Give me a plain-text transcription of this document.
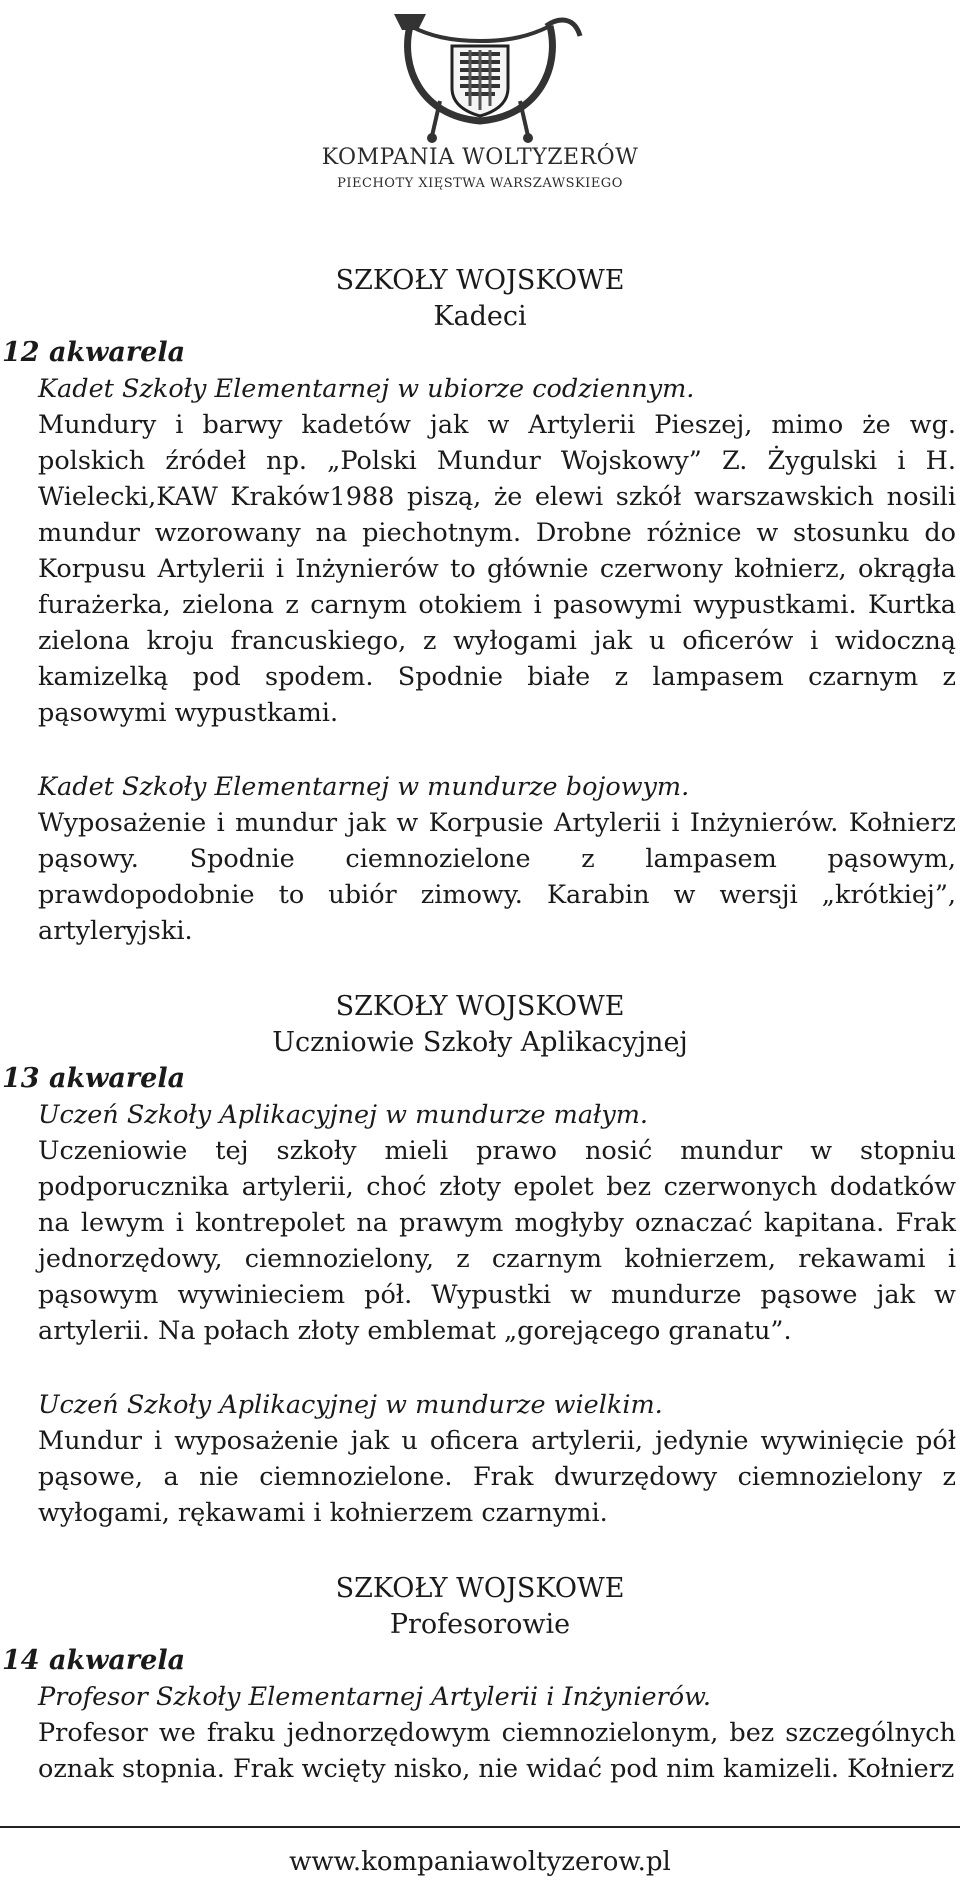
KOMPANIA WOLTYZERÓW
PIECHOTY XIĘSTWA WARSZAWSKIEGO

SZKOŁY WOJSKOWE

Kadeci

12 akwarela

Kadet Szkoły Elementarnej w ubiorze codziennym.

Mundury i barwy kadetów jak w Artylerii Pieszej, mimo że wg. polskich źródeł np. „Polski Mundur Wojskowy” Z. Żygulski i H. Wielecki,KAW Kraków1988 piszą, że elewi szkół warszawskich nosili mundur wzorowany na piechotnym. Drobne różnice w stosunku do Korpusu Artylerii i Inżynierów to głównie czerwony kołnierz, okrągła furażerka, zielona z carnym otokiem i pasowymi wypustkami. Kurtka zielona kroju francuskiego, z wyłogami jak u oficerów i widoczną kamizelką pod spodem. Spodnie białe z lampasem czarnym z pąsowymi wypustkami.

Kadet Szkoły Elementarnej w mundurze bojowym.

Wyposażenie i mundur jak w Korpusie Artylerii i Inżynierów. Kołnierz pąsowy. Spodnie ciemnozielone z lampasem pąsowym, prawdopodobnie to ubiór zimowy. Karabin w wersji „krótkiej”, artyleryjski.

SZKOŁY WOJSKOWE

Uczniowie Szkoły Aplikacyjnej

13 akwarela

Uczeń Szkoły Aplikacyjnej w mundurze małym.

Uczeniowie tej szkoły mieli prawo nosić mundur w stopniu podporucznika artylerii, choć złoty epolet bez czerwonych dodatków na lewym i kontrepolet na prawym mogłyby oznaczać kapitana. Frak jednorzędowy, ciemnozielony, z czarnym kołnierzem, rekawami i pąsowym wywinieciem pół. Wypustki w mundurze pąsowe jak w artylerii. Na połach złoty emblemat „gorejącego granatu”.

Uczeń Szkoły Aplikacyjnej w mundurze wielkim.

Mundur i wyposażenie jak u oficera artylerii, jedynie wywinięcie pół pąsowe, a nie ciemnozielone. Frak dwurzędowy ciemnozielony z wyłogami, rękawami i kołnierzem czarnymi.

SZKOŁY WOJSKOWE

Profesorowie

14 akwarela

Profesor Szkoły Elementarnej Artylerii i Inżynierów.

Profesor we fraku jednorzędowym ciemnozielonym, bez szczególnych oznak stopnia. Frak wcięty nisko, nie widać pod nim kamizeli. Kołnierz

www.kompaniawoltyzerow.pl
